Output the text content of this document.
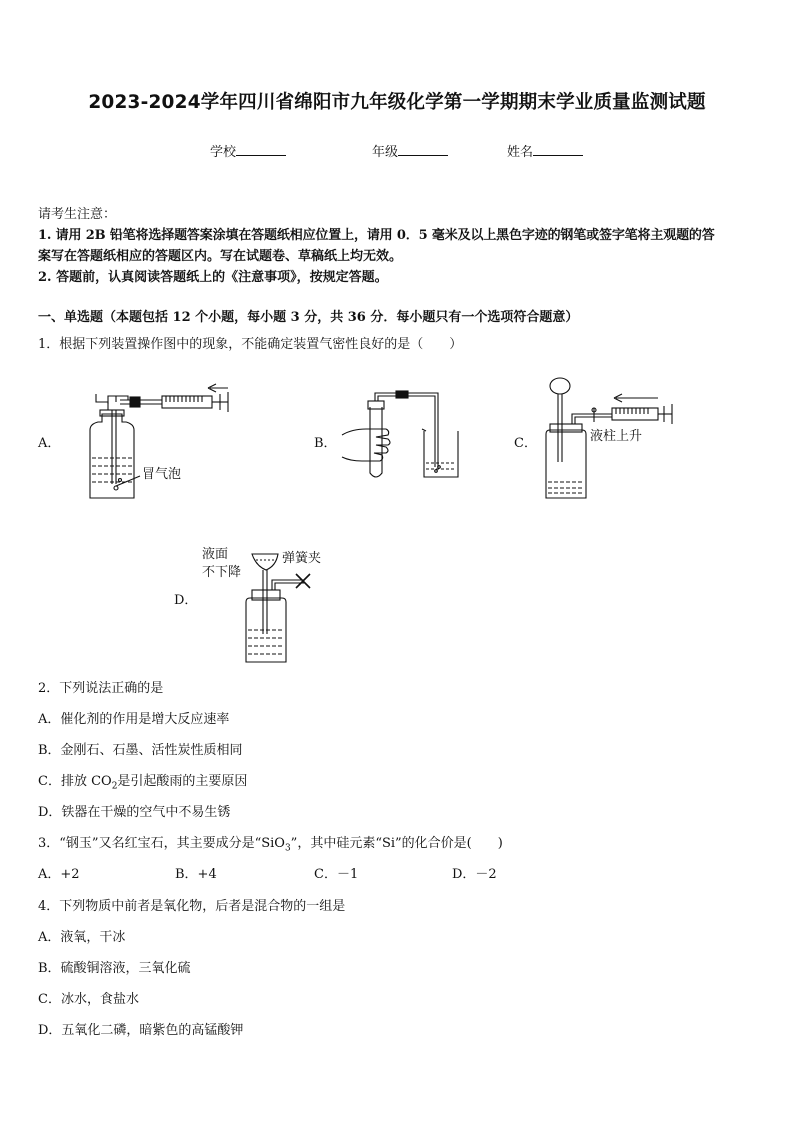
2023-2024学年四川省绵阳市九年级化学第一学期期末学业质量监测试题
学校	年级	姓名
请考生注意：
1. 请用 2B 铅笔将选择题答案涂填在答题纸相应位置上，请用 0．5 毫米及以上黑色字迹的钢笔或签字笔将主观题的答
案写在答题纸相应的答题区内。写在试题卷、草稿纸上均无效。
2. 答题前，认真阅读答题纸上的《注意事项》，按规定答题。
一、单选题（本题包括 12 个小题，每小题 3 分，共 36 分．每小题只有一个选项符合题意）
1．根据下列装置操作图中的现象，不能确定装置气密性良好的是（　　）
A．	B．	C．
D．
冒气泡
液柱上升
液面
不下降
弹簧夹
2．下列说法正确的是
A．催化剂的作用是增大反应速率
B．金刚石、石墨、活性炭性质相同
C．排放 $CO_2$是引起酸雨的主要原因
D．铁器在干燥的空气中不易生锈
3．“钢玉”又名红宝石，其主要成分是“SiO$_3$”，其中硅元素“Si”的化合价是(　　)
A．+2	B．+4	C．－1	D．－2
4．下列物质中前者是氧化物，后者是混合物的一组是
A．液氧，干冰
B．硫酸铜溶液，三氧化硫
C．冰水，食盐水
D．五氧化二磷，暗紫色的高锰酸钾
